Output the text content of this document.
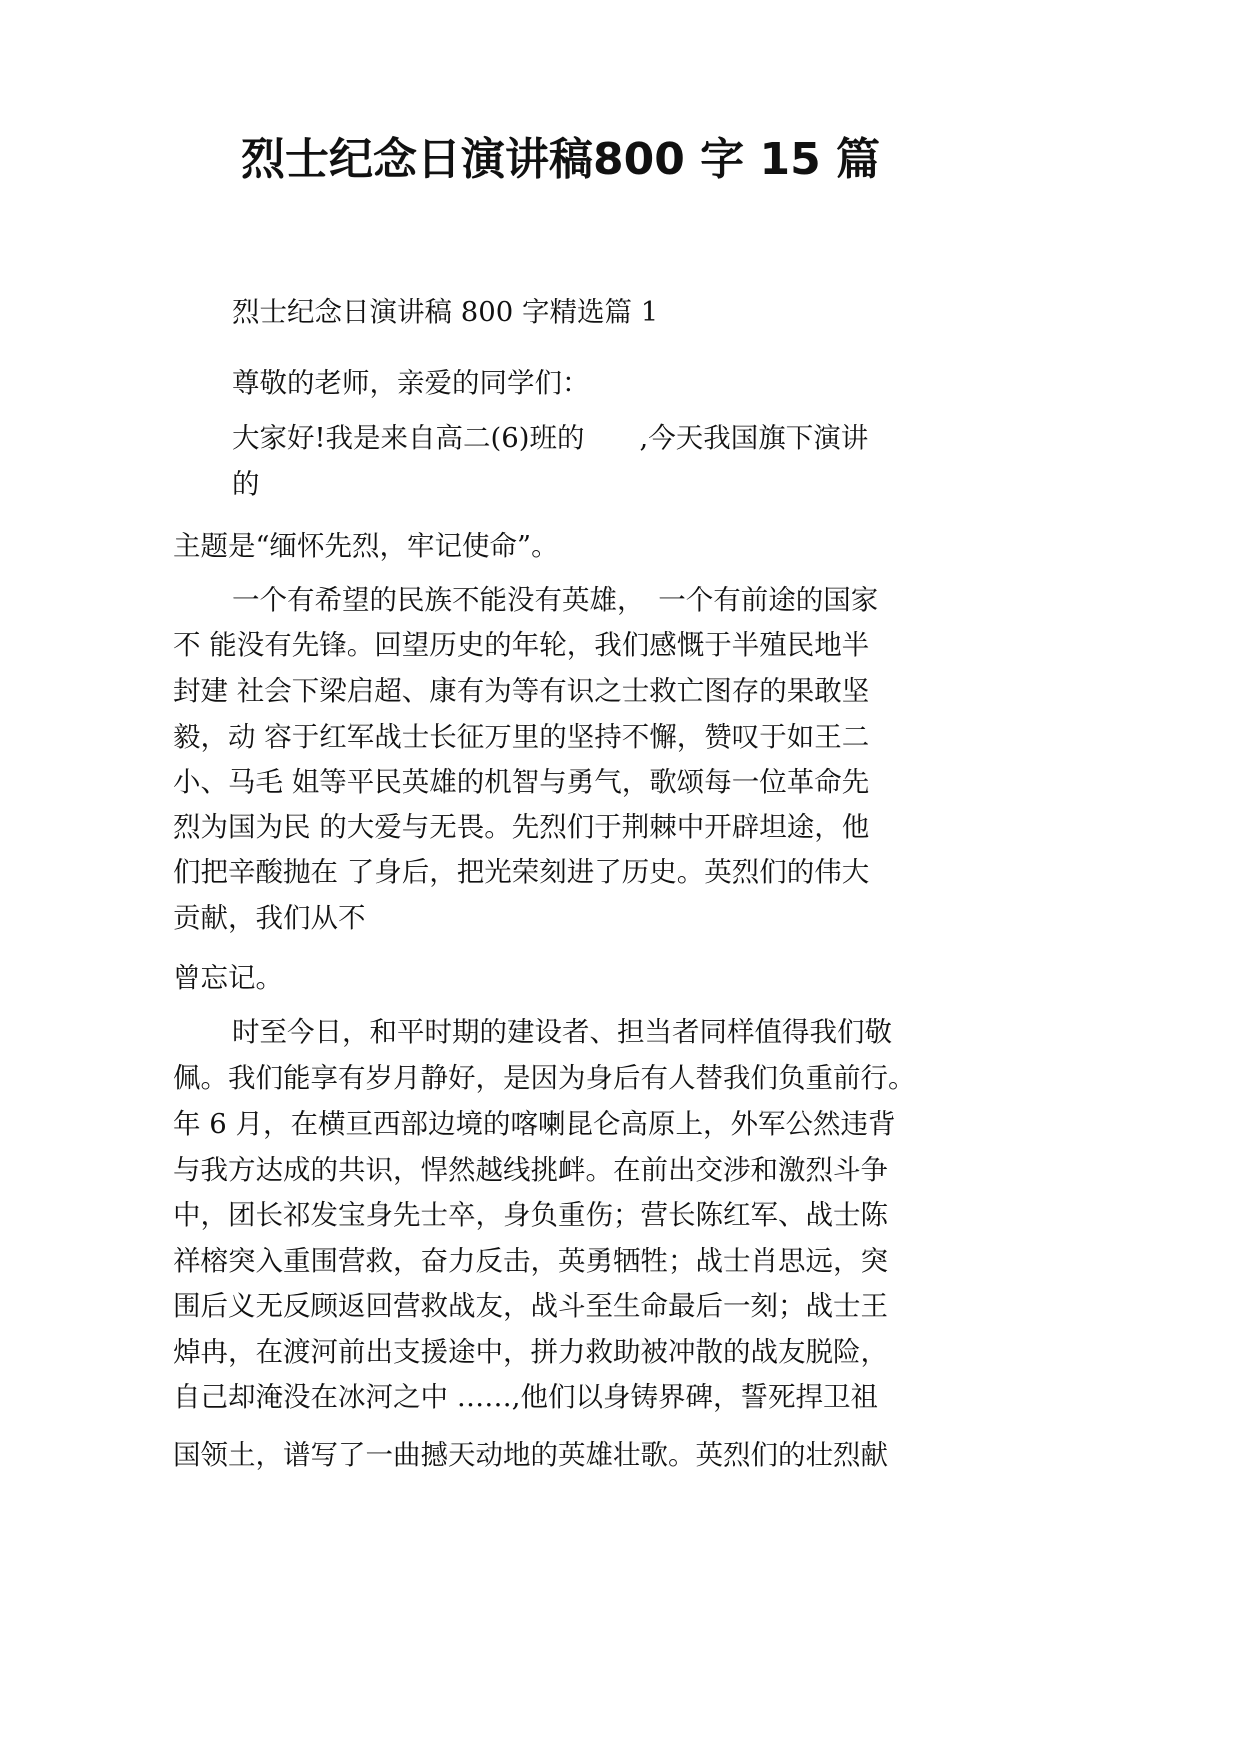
烈士纪念日演讲稿800 字 15 篇
烈士纪念日演讲稿 800 字精选篇 1
尊敬的老师，亲爱的同学们：
大家好!我是来自高二(6)班的　　,今天我国旗下演讲
的
主题是“缅怀先烈，牢记使命”。
一个有希望的民族不能没有英雄，　一个有前途的国家
不 能没有先锋。回望历史的年轮，我们感慨于半殖民地半
封建 社会下梁启超、康有为等有识之士救亡图存的果敢坚
毅，动 容于红军战士长征万里的坚持不懈，赞叹于如王二
小、马毛 姐等平民英雄的机智与勇气，歌颂每一位革命先
烈为国为民 的大爱与无畏。先烈们于荆棘中开辟坦途，他
们把辛酸抛在 了身后，把光荣刻进了历史。英烈们的伟大
贡献，我们从不
曾忘记。
时至今日，和平时期的建设者、担当者同样值得我们敬
佩。我们能享有岁月静好，是因为身后有人替我们负重前行。
年 6 月，在横亘西部边境的喀喇昆仑高原上，外军公然违背
与我方达成的共识，悍然越线挑衅。在前出交涉和激烈斗争
中，团长祁发宝身先士卒，身负重伤；营长陈红军、战士陈
祥榕突入重围营救，奋力反击，英勇牺牲；战士肖思远，突
围后义无反顾返回营救战友，战斗至生命最后一刻；战士王
焯冉，在渡河前出支援途中，拼力救助被冲散的战友脱险，
自己却淹没在冰河之中 ……,他们以身铸界碑，誓死捍卫祖
国领土，谱写了一曲撼天动地的英雄壮歌。英烈们的壮烈献
